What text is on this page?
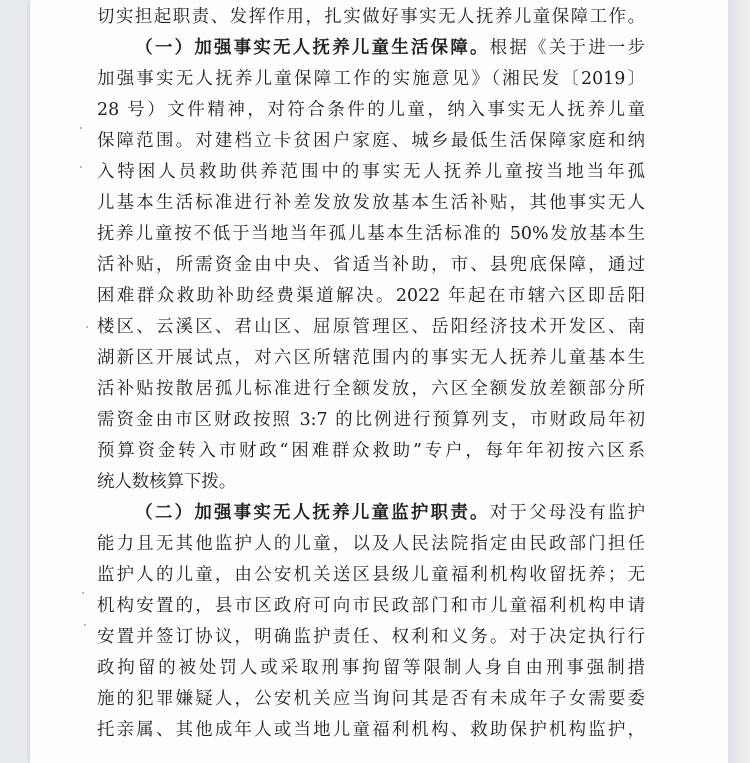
切实担起职责、发挥作用，扎实做好事实无人抚养儿童保障工作。
（一）加强事实无人抚养儿童生活保障。根据《关于进一步
加强事实无人抚养儿童保障工作的实施意见》（湘民发〔2019〕
28 号）文件精神，对符合条件的儿童，纳入事实无人抚养儿童
保障范围。对建档立卡贫困户家庭、城乡最低生活保障家庭和纳
入特困人员救助供养范围中的事实无人抚养儿童按当地当年孤
儿基本生活标准进行补差发放发放基本生活补贴，其他事实无人
抚养儿童按不低于当地当年孤儿基本生活标准的 50%发放基本生
活补贴，所需资金由中央、省适当补助，市、县兜底保障，通过
困难群众救助补助经费渠道解决。2022 年起在市辖六区即岳阳
楼区、云溪区、君山区、屈原管理区、岳阳经济技术开发区、南
湖新区开展试点，对六区所辖范围内的事实无人抚养儿童基本生
活补贴按散居孤儿标准进行全额发放，六区全额发放差额部分所
需资金由市区财政按照 3:7 的比例进行预算列支，市财政局年初
预算资金转入市财政“困难群众救助”专户，每年年初按六区系
统人数核算下拨。
（二）加强事实无人抚养儿童监护职责。对于父母没有监护
能力且无其他监护人的儿童，以及人民法院指定由民政部门担任
监护人的儿童，由公安机关送区县级儿童福利机构收留抚养；无
机构安置的，县市区政府可向市民政部门和市儿童福利机构申请
安置并签订协议，明确监护责任、权利和义务。对于决定执行行
政拘留的被处罚人或采取刑事拘留等限制人身自由刑事强制措
施的犯罪嫌疑人，公安机关应当询问其是否有未成年子女需要委
托亲属、其他成年人或当地儿童福利机构、救助保护机构监护，
